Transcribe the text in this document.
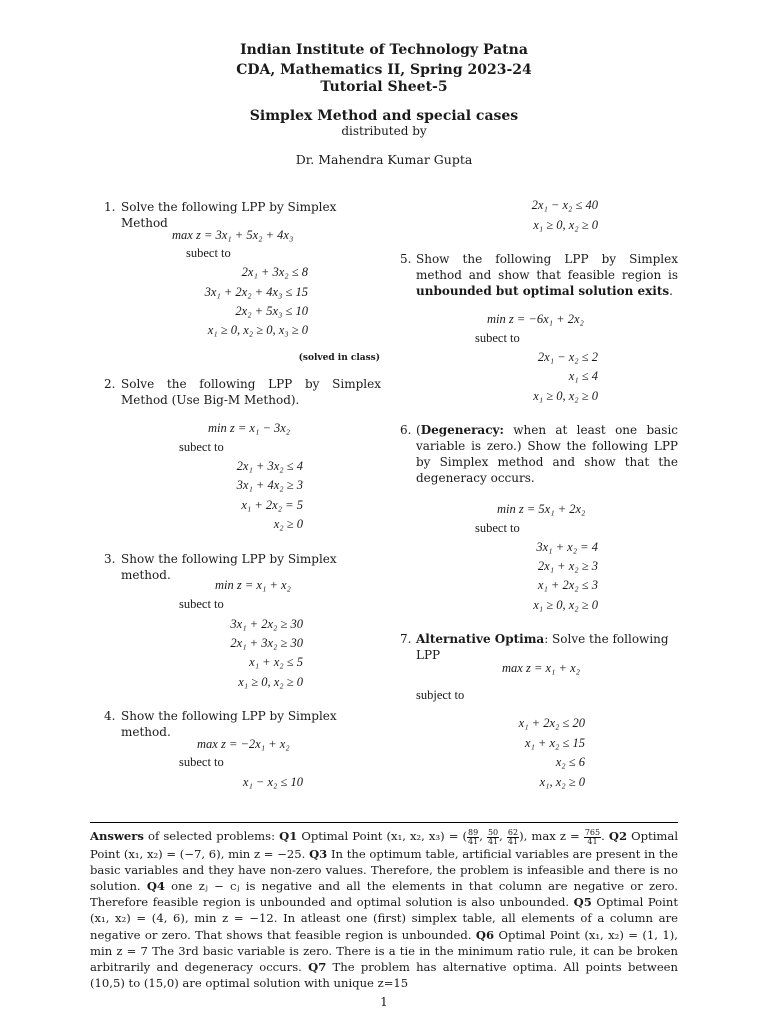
Indian Institute of Technology Patna
CDA, Mathematics II, Spring 2023-24
Tutorial Sheet-5
Simplex Method and special cases
distributed by
Dr. Mahendra Kumar Gupta
1. Solve the following LPP by Simplex Method
max z = 3x₁ + 5x₂ + 4x₃
subect to
2x₁ + 3x₂ ≤ 8
3x₁ + 2x₂ + 4x₃ ≤ 15
2x₂ + 5x₃ ≤ 10
x₁ ≥ 0, x₂ ≥ 0, x₃ ≥ 0
(solved in class)
2. Solve the following LPP by Simplex Method (Use Big-M Method).
min z = x₁ − 3x₂
subect to
2x₁ + 3x₂ ≤ 4
3x₁ + 4x₂ ≥ 3
x₁ + 2x₂ = 5
x₂ ≥ 0
3. Show the following LPP by Simplex method.
min z = x₁ + x₂
subect to
3x₁ + 2x₂ ≥ 30
2x₁ + 3x₂ ≥ 30
x₁ + x₂ ≤ 5
x₁ ≥ 0, x₂ ≥ 0
4. Show the following LPP by Simplex method.
max z = −2x₁ + x₂
subect to
x₁ − x₂ ≤ 10
2x₁ − x₂ ≤ 40
x₁ ≥ 0, x₂ ≥ 0
5. Show the following LPP by Simplex method and show that feasible region is unbounded but optimal solution exits.
min z = −6x₁ + 2x₂
subect to
2x₁ − x₂ ≤ 2
x₁ ≤ 4
x₁ ≥ 0, x₂ ≥ 0
6. (Degeneracy: when at least one basic variable is zero.) Show the following LPP by Simplex method and show that the degeneracy occurs.
min z = 5x₁ + 2x₂
subect to
3x₁ + x₂ = 4
2x₁ + x₂ ≥ 3
x₁ + 2x₂ ≤ 3
x₁ ≥ 0, x₂ ≥ 0
7. Alternative Optima: Solve the following LPP
max z = x₁ + x₂
subject to
x₁ + 2x₂ ≤ 20
x₁ + x₂ ≤ 15
x₂ ≤ 6
x₁, x₂ ≥ 0
Answers of selected problems: Q1 Optimal Point (x₁, x₂, x₃) = ( $\frac{89}{41}$ , $\frac{50}{41}$ , $\frac{62}{41}$ ), $\max z = \frac{765}{41}$ . Q2 Optimal Point (x₁, x₂) = (−7, 6), min z = −25. Q3 In the optimum table, artificial variables are present in the basic variables and they have non-zero values. Therefore, the problem is infeasible and there is no solution. Q4 one zⱼ − cⱼ is negative and all the elements in that column are negative or zero. Therefore feasible region is unbounded and optimal solution is also unbounded. Q5 Optimal Point (x₁, x₂) = (4, 6), min z = −12. In atleast one (first) simplex table, all elements of a column are negative or zero. That shows that feasible region is unbounded. Q6 Optimal Point (x₁, x₂) = (1, 1), min z = 7 The 3rd basic variable is zero. There is a tie in the minimum ratio rule, it can be broken arbitrarily and degeneracy occurs. Q7 The problem has alternative optima. All points between (10,5) to (15,0) are optimal solution with unique z=15
1
